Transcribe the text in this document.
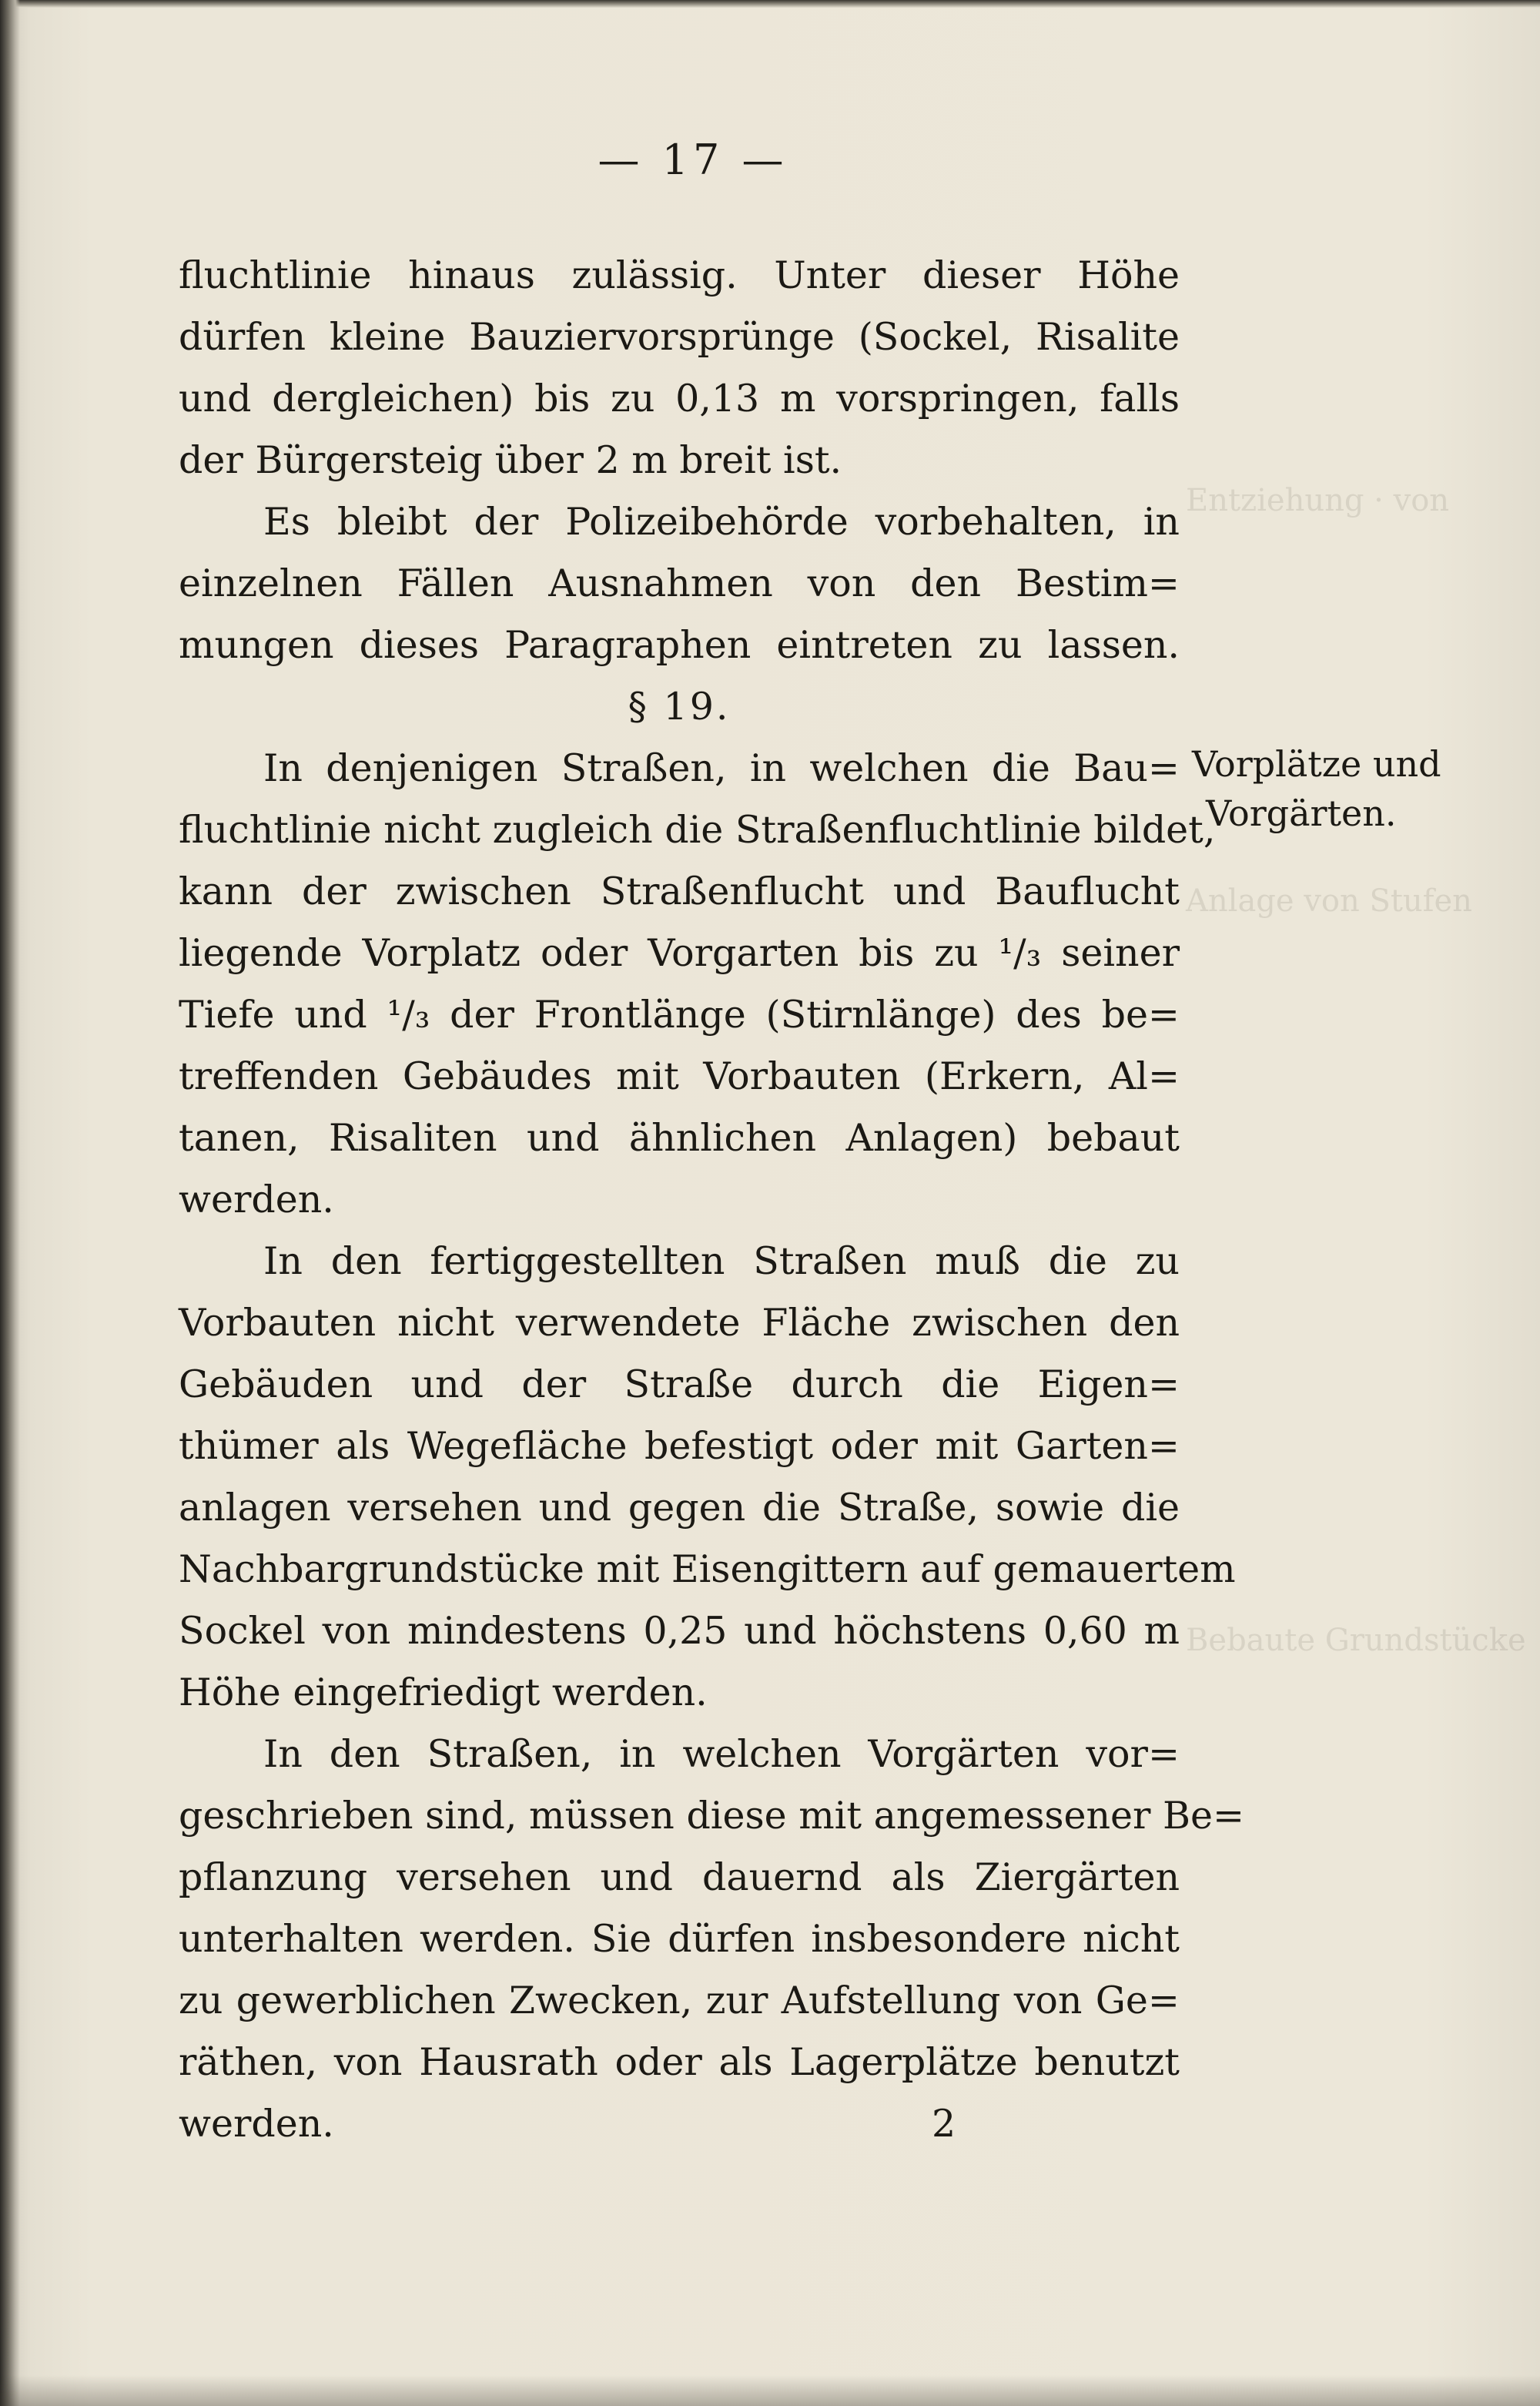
Entziehung · von
Anlage von Stufen
Bebaute Grundstücke
— 17 —
fluchtlinie hinaus zulässig. Unter dieser Höhe
dürfen kleine Bauziervorsprünge (Sockel, Risalite
und dergleichen) bis zu 0,13 m vorspringen, falls
der Bürgersteig über 2 m breit ist.
Es bleibt der Polizeibehörde vorbehalten, in
einzelnen Fällen Ausnahmen von den Bestim=
mungen dieses Paragraphen eintreten zu lassen.
§ 19.
In denjenigen Straßen, in welchen die Bau=
fluchtlinie nicht zugleich die Straßenfluchtlinie bildet,
kann der zwischen Straßenflucht und Bauflucht
liegende Vorplatz oder Vorgarten bis zu ¹/₃ seiner
Tiefe und ¹/₃ der Frontlänge (Stirnlänge) des be=
treffenden Gebäudes mit Vorbauten (Erkern, Al=
tanen, Risaliten und ähnlichen Anlagen) bebaut
werden.
In den fertiggestellten Straßen muß die zu
Vorbauten nicht verwendete Fläche zwischen den
Gebäuden und der Straße durch die Eigen=
thümer als Wegefläche befestigt oder mit Garten=
anlagen versehen und gegen die Straße, sowie die
Nachbargrundstücke mit Eisengittern auf gemauertem
Sockel von mindestens 0,25 und höchstens 0,60 m
Höhe eingefriedigt werden.
In den Straßen, in welchen Vorgärten vor=
geschrieben sind, müssen diese mit angemessener Be=
pflanzung versehen und dauernd als Ziergärten
unterhalten werden. Sie dürfen insbesondere nicht
zu gewerblichen Zwecken, zur Aufstellung von Ge=
räthen, von Hausrath oder als Lagerplätze benutzt
werden.	2
Vorplätze und
Vorgärten.
